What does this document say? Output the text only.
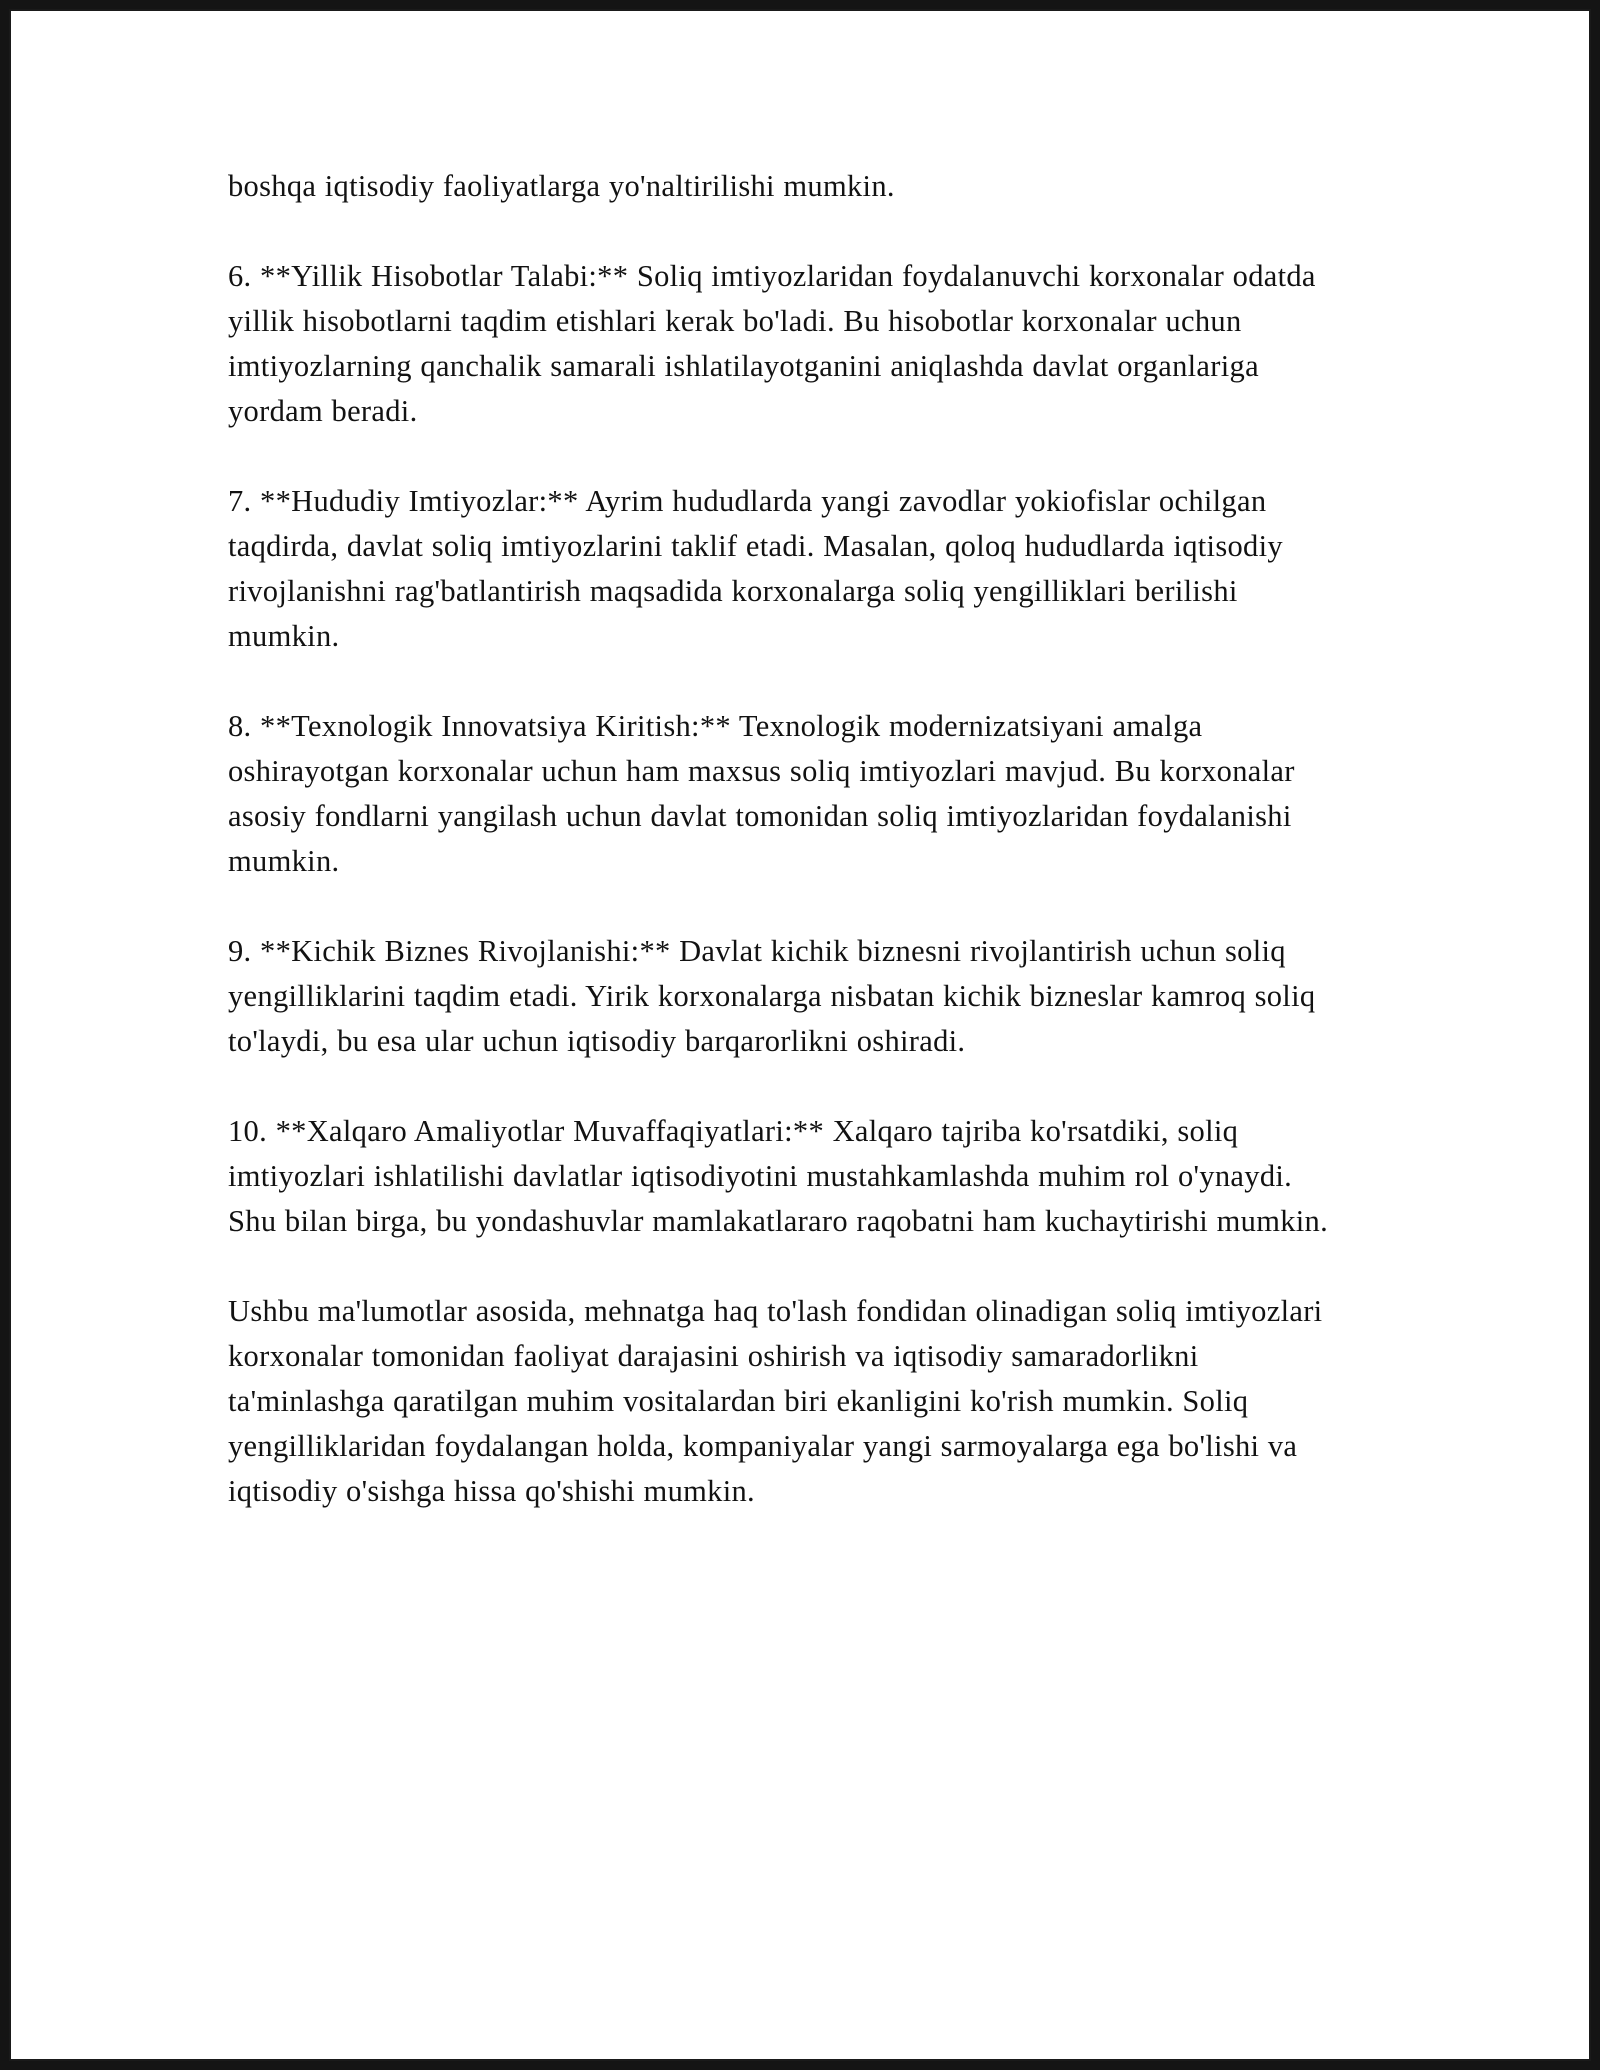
boshqa iqtisodiy faoliyatlarga yo'naltirilishi mumkin.

6. **Yillik Hisobotlar Talabi:** Soliq imtiyozlaridan foydalanuvchi korxonalar odatda yillik hisobotlarni taqdim etishlari kerak bo'ladi. Bu hisobotlar korxonalar uchun imtiyozlarning qanchalik samarali ishlatilayotganini aniqlashda davlat organlariga yordam beradi.

7. **Hududiy Imtiyozlar:** Ayrim hududlarda yangi zavodlar yokiofislar ochilgan taqdirda, davlat soliq imtiyozlarini taklif etadi. Masalan, qoloq hududlarda iqtisodiy rivojlanishni rag'batlantirish maqsadida korxonalarga soliq yengilliklari berilishi mumkin.

8. **Texnologik Innovatsiya Kiritish:** Texnologik modernizatsiyani amalga oshirayotgan korxonalar uchun ham maxsus soliq imtiyozlari mavjud. Bu korxonalar asosiy fondlarni yangilash uchun davlat tomonidan soliq imtiyozlaridan foydalanishi mumkin.

9. **Kichik Biznes Rivojlanishi:** Davlat kichik biznesni rivojlantirish uchun soliq yengilliklarini taqdim etadi. Yirik korxonalarga nisbatan kichik bizneslar kamroq soliq to'laydi, bu esa ular uchun iqtisodiy barqarorlikni oshiradi.

10. **Xalqaro Amaliyotlar Muvaffaqiyatlari:** Xalqaro tajriba ko'rsatdiki, soliq imtiyozlari ishlatilishi davlatlar iqtisodiyotini mustahkamlashda muhim rol o'ynaydi. Shu bilan birga, bu yondashuvlar mamlakatlararo raqobatni ham kuchaytirishi mumkin.

Ushbu ma'lumotlar asosida, mehnatga haq to'lash fondidan olinadigan soliq imtiyozlari korxonalar tomonidan faoliyat darajasini oshirish va iqtisodiy samaradorlikni ta'minlashga qaratilgan muhim vositalardan biri ekanligini ko'rish mumkin. Soliq yengilliklaridan foydalangan holda, kompaniyalar yangi sarmoyalarga ega bo'lishi va iqtisodiy o'sishga hissa qo'shishi mumkin.
